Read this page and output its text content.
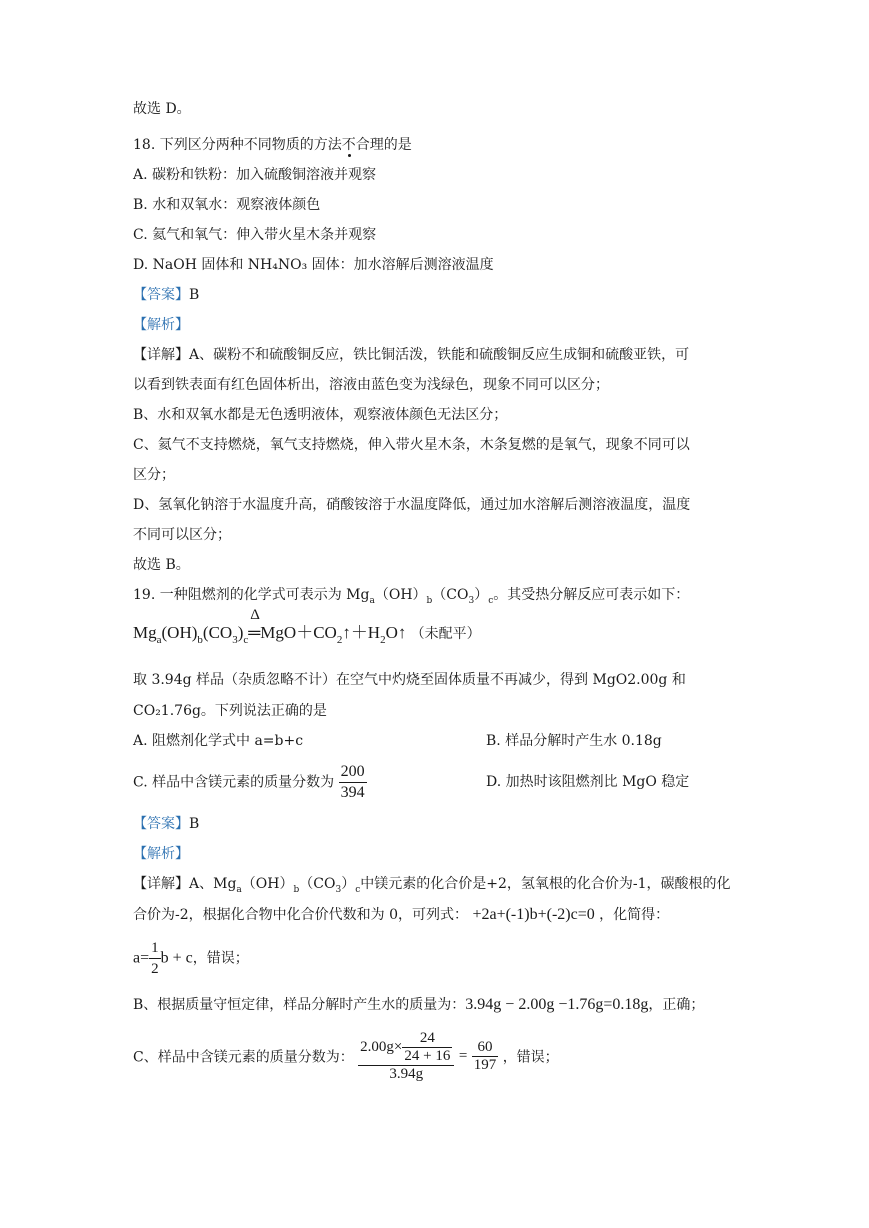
故选 D。
18. 下列区分两种不同物质的方法不合理的是
A. 碳粉和铁粉：加入硫酸铜溶液并观察
B. 水和双氧水：观察液体颜色
C. 氦气和氧气：伸入带火星木条并观察
D. NaOH 固体和 NH₄NO₃ 固体：加水溶解后测溶液温度
【答案】B
【解析】
【详解】A、碳粉不和硫酸铜反应，铁比铜活泼，铁能和硫酸铜反应生成铜和硫酸亚铁，可
以看到铁表面有红色固体析出，溶液由蓝色变为浅绿色，现象不同可以区分；
B、水和双氧水都是无色透明液体，观察液体颜色无法区分；
C、氦气不支持燃烧，氧气支持燃烧，伸入带火星木条，木条复燃的是氧气，现象不同可以
区分；
D、氢氧化钠溶于水温度升高，硝酸铵溶于水温度降低，通过加水溶解后测溶液温度，温度
不同可以区分；
故选 B。
19. 一种阻燃剂的化学式可表示为 $Mg_a(OH)_b(CO_3)_c$。其受热分解反应可表示如下：
$Mg_a(OH)_b(CO_3)_c$
Δ
$═MgO+CO_2↑+H_2O↑$ （未配平）
取 3.94g 样品（杂质忽略不计）在空气中灼烧至固体质量不再减少，得到 MgO2.00g 和
CO₂1.76g。下列说法正确的是
A. 阻燃剂化学式中 a=b+c	B. 样品分解时产生水 0.18g
C. 样品中含镁元素的质量分数为 $\frac{200}{394}$	D. 加热时该阻燃剂比 MgO 稳定
【答案】B
【解析】
【详解】A、$Mg_a(OH)_b(CO_3)_c$中镁元素的化合价是+2，氢氧根的化合价为-1，碳酸根的化
合价为-2，根据化合物中化合价代数和为 0，可列式： +2a+(-1)b+(-2)c=0 ，化简得：
$a= \frac{1}{2}$ b + c，错误；
B、根据质量守恒定律，样品分解时产生水的质量为：3.94g − 2.00g −1.76g=0.18g，正确；
C、样品中含镁元素的质量分数为： $\frac{2.00g\times \frac{24}{24 + 16}}{3.94g} = \frac{60}{197}$ ，错误；
